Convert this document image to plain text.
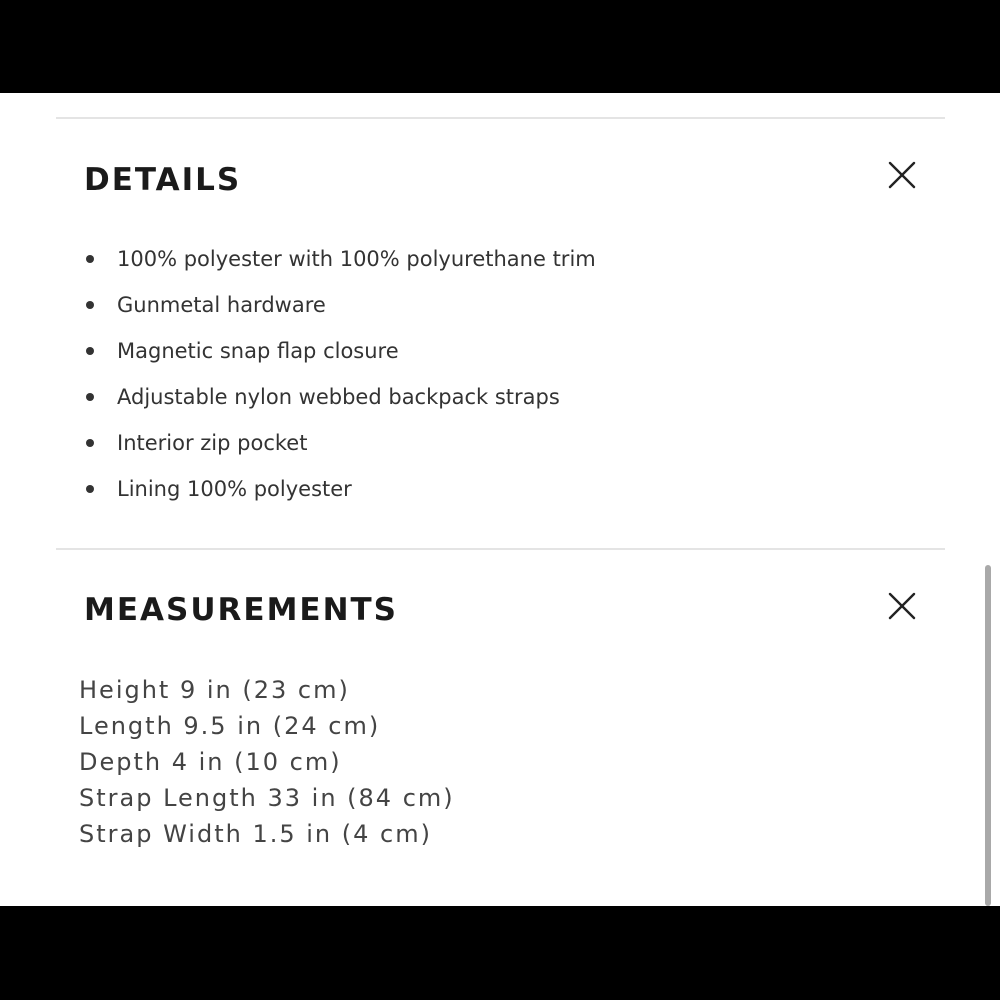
DETAILS
100% polyester with 100% polyurethane trim
Gunmetal hardware
Magnetic snap flap closure
Adjustable nylon webbed backpack straps
Interior zip pocket
Lining 100% polyester
MEASUREMENTS
Height 9 in (23 cm)
Length 9.5 in (24 cm)
Depth 4 in (10 cm)
Strap Length 33 in (84 cm)
Strap Width 1.5 in (4 cm)
